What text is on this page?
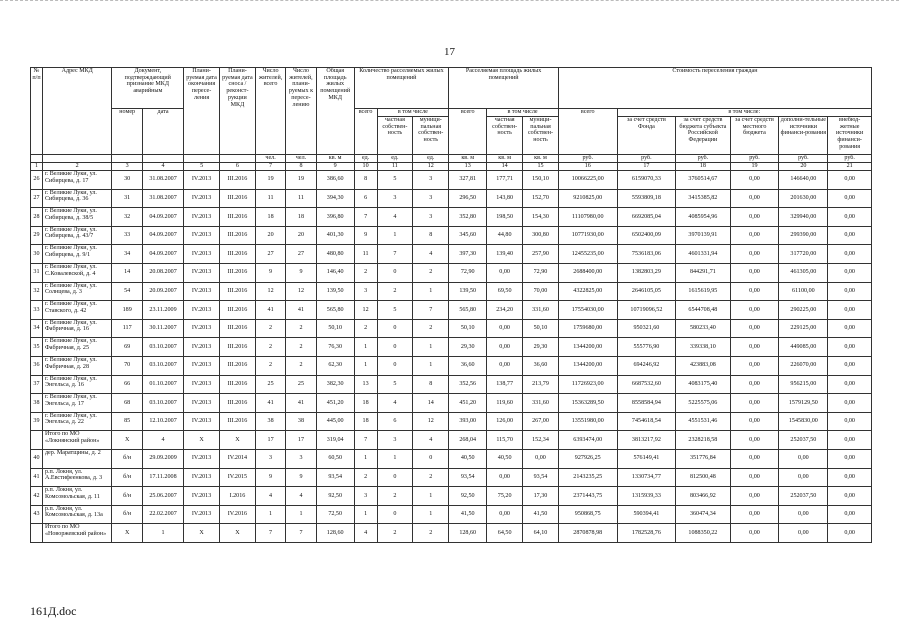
17
№ п/п	Адрес МКД	Документ, подтверждающий признание МКД аварийным		Плани-руемая дата окончания пересе-ления	Плани-руемая дата сноса / реконст-рукции МКД	Число жителей, всего	Число жителей, плани-руемых к пересе-лению	Общая площадь жилых помещений МКД	Количество расселяемых жилых помещений			Расселяемая площадь жилых помещений			Стоимость переселения граждан					
		номер	дата						всего	в том числе		всего	в том числе		всего	в том числе:				
										частная собствен-ность	муници-пальная собствен-ность		частная собствен-ность	муници-пальная собствен-ность		за счет средств Фонда	за счет средств бюджета субъекта Российской Федерации	за счет средств местного бюджета	дополни-тельные источники финанси-рования	внебюд-жетные источники финанси-рования
						чел.	чел.	кв. м	ед.	ед.	ед.	кв. м	кв. м	кв. м	руб.	руб.	руб.	руб.	руб.	руб.
1	2	3	4	5	6	7	8	9	10	11	12	13	14	15	16	17	18	19	20	21
26	г. Великие Луки, ул. Сибирцева, д. 17	30	31.08.2007	IV.2013	III.2016	19	19	386,60	8	5	3	327,81	177,71	150,10	10066225,00	6159070,33	3760514,67	0,00	146640,00	0,00
27	г. Великие Луки, ул. Сибирцева, д. 36	31	31.08.2007	IV.2013	III.2016	11	11	394,30	6	3	3	296,50	143,80	152,70	9210825,00	5593809,18	3415385,82	0,00	201630,00	0,00
28	г. Великие Луки, ул. Сибирцева, д. 38/5	32	04.09.2007	IV.2013	III.2016	18	18	396,80	7	4	3	352,80	198,50	154,30	11107980,00	6692085,04	4085954,96	0,00	329940,00	0,00
29	г. Великие Луки, ул. Сибирцева, д. 43/7	33	04.09.2007	IV.2013	III.2016	20	20	401,30	9	1	8	345,60	44,80	300,80	10771930,00	6502400,09	3970139,91	0,00	299390,00	0,00
30	г. Великие Луки, ул. Сибирцева, д. 9/1	34	04.09.2007	IV.2013	III.2016	27	27	480,80	11	7	4	397,30	139,40	257,90	12455235,00	7536183,06	4601331,94	0,00	317720,00	0,00
31	г. Великие Луки, ул. С.Ковалевской, д. 4	14	20.08.2007	IV.2013	III.2016	9	9	146,40	2	0	2	72,90	0,00	72,90	2688400,00	1382803,29	844291,71	0,00	461305,00	0,00
32	г. Великие Луки, ул. Солнцева, д. 3	54	20.09.2007	IV.2013	III.2016	12	12	139,50	3	2	1	139,50	69,50	70,00	4322825,00	2646105,05	1615619,95	0,00	61100,00	0,00
33	г. Великие Луки, ул. Ставского, д. 42	189	23.11.2009	IV.2013	III.2016	41	41	565,80	12	5	7	565,80	234,20	331,60	17554030,00	10719096,52	6544708,48	0,00	290225,00	0,00
34	г. Великие Луки, ул. Фабричная, д. 16	117	30.11.2007	IV.2013	III.2016	2	2	50,10	2	0	2	50,10	0,00	50,10	1759680,00	950321,60	580233,40	0,00	229125,00	0,00
35	г. Великие Луки, ул. Фабричная, д. 25	69	03.10.2007	IV.2013	III.2016	2	2	76,30	1	0	1	29,30	0,00	29,30	1344200,00	555776,90	339338,10	0,00	449085,00	0,00
36	г. Великие Луки, ул. Фабричная, д. 28	70	03.10.2007	IV.2013	III.2016	2	2	62,30	1	0	1	36,60	0,00	36,60	1344200,00	694246,92	423883,08	0,00	226070,00	0,00
37	г. Великие Луки, ул. Энгельса, д. 16	66	01.10.2007	IV.2013	III.2016	25	25	382,30	13	5	8	352,56	138,77	213,79	11726923,00	6687532,60	4083175,40	0,00	956215,00	0,00
38	г. Великие Луки, ул. Энгельса, д. 17	68	03.10.2007	IV.2013	III.2016	41	41	451,20	18	4	14	451,20	119,60	331,60	15363289,50	8558584,94	5225575,06	0,00	1579129,50	0,00
39	г. Великие Луки, ул. Энгельса, д. 22	85	12.10.2007	IV.2013	III.2016	38	38	445,00	18	6	12	393,00	126,00	267,00	13551980,00	7454618,54	4551531,46	0,00	1545830,00	0,00
	Итого по МО «Локнянский район»	X	4	X	X	17	17	319,04	7	3	4	268,04	115,70	152,34	6393474,00	3813217,92	2328218,58	0,00	252037,50	0,00
40	дер. Маратщины, д. 2	б/н	29.09.2009	IV.2013	IV.2014	3	3	60,50	1	1	0	40,50	40,50	0,00	927926,25	576149,41	351776,84	0,00	0,00	0,00
41	р.п. Локня, ул. А.Евстифеенкова, д. 3	б/н	17.11.2008	IV.2013	IV.2015	9	9	93,54	2	0	2	93,54	0,00	93,54	2143235,25	1330734,77	812500,48	0,00	0,00	0,00
42	р.п. Локня, ул. Комсомольская, д. 11	б/н	25.06.2007	IV.2013	I.2016	4	4	92,50	3	2	1	92,50	75,20	17,30	2371443,75	1315939,33	803466,92	0,00	252037,50	0,00
43	р.п. Локня, ул. Комсомольская, д. 13а	б/н	22.02.2007	IV.2013	IV.2016	1	1	72,50	1	0	1	41,50	0,00	41,50	950868,75	590394,41	360474,34	0,00	0,00	0,00
	Итого по МО «Новоржевский район»	X	1	X	X	7	7	128,60	4	2	2	128,60	64,50	64,10	2870878,98	1782528,76	1088350,22	0,00	0,00	0,00
161Д.doc
